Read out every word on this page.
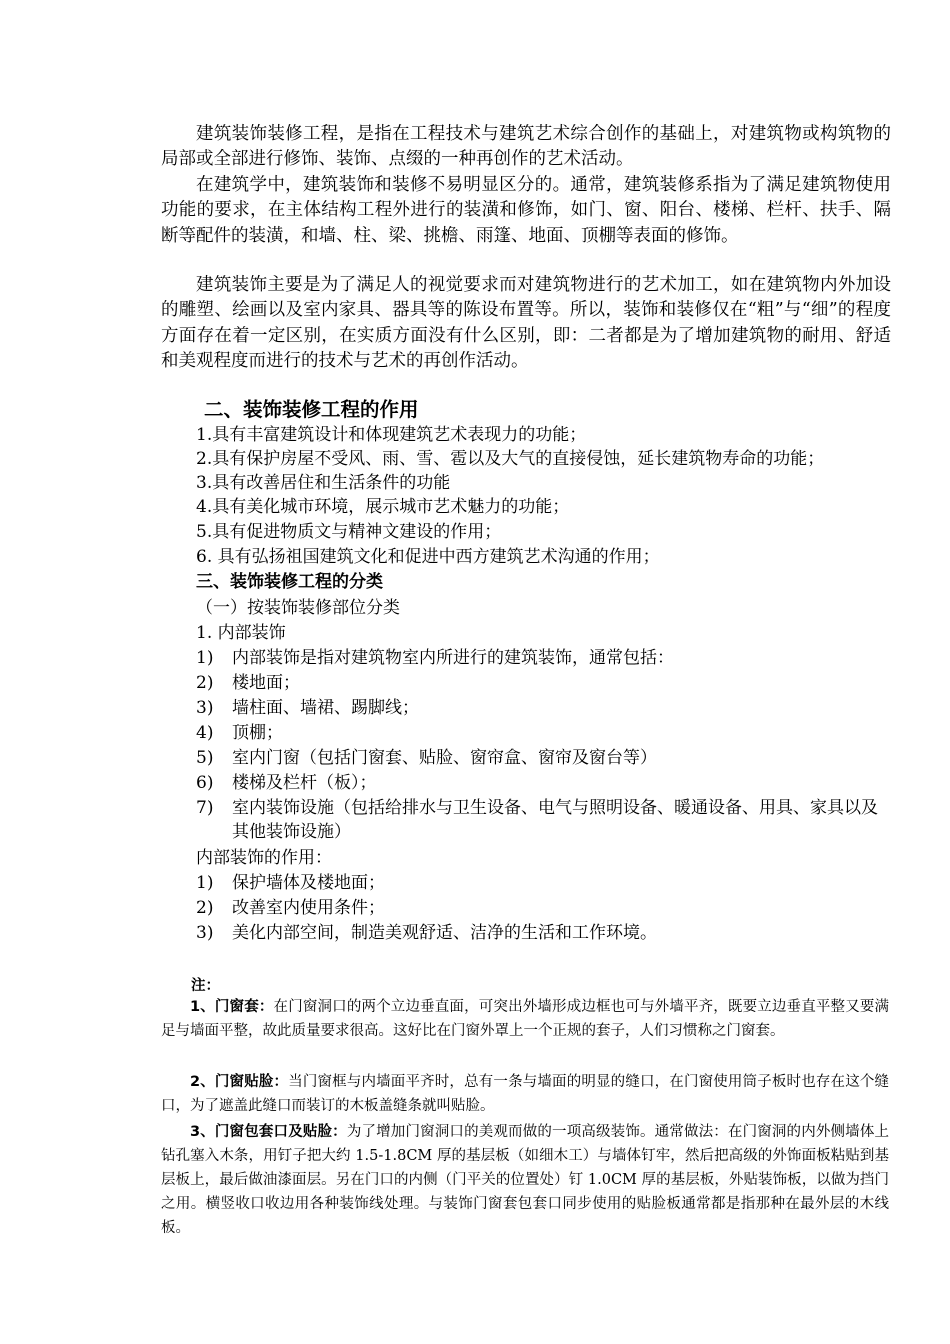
建筑装饰装修工程，是指在工程技术与建筑艺术综合创作的基础上，对建筑物或构筑物的局部或全部进行修饰、装饰、点缀的一种再创作的艺术活动。

在建筑学中，建筑装饰和装修不易明显区分的。通常，建筑装修系指为了满足建筑物使用功能的要求，在主体结构工程外进行的装潢和修饰，如门、窗、阳台、楼梯、栏杆、扶手、隔断等配件的装潢，和墙、柱、梁、挑檐、雨篷、地面、顶棚等表面的修饰。

建筑装饰主要是为了满足人的视觉要求而对建筑物进行的艺术加工，如在建筑物内外加设的雕塑、绘画以及室内家具、器具等的陈设布置等。所以，装饰和装修仅在“粗”与“细”的程度方面存在着一定区别，在实质方面没有什么区别，即：二者都是为了增加建筑物的耐用、舒适和美观程度而进行的技术与艺术的再创作活动。

二、装饰装修工程的作用

1.具有丰富建筑设计和体现建筑艺术表现力的功能；

2.具有保护房屋不受风、雨、雪、雹以及大气的直接侵蚀，延长建筑物寿命的功能；

3.具有改善居住和生活条件的功能

4.具有美化城市环境，展示城市艺术魅力的功能；

5.具有促进物质文与精神文建设的作用；

6. 具有弘扬祖国建筑文化和促进中西方建筑艺术沟通的作用；

三、装饰装修工程的分类

（一）按装饰装修部位分类

1. 内部装饰

1) 内部装饰是指对建筑物室内所进行的建筑装饰，通常包括：
2) 楼地面；
3) 墙柱面、墙裙、踢脚线；
4) 顶棚；
5) 室内门窗（包括门窗套、贴脸、窗帘盒、窗帘及窗台等）
6) 楼梯及栏杆（板）；
7) 室内装饰设施（包括给排水与卫生设备、电气与照明设备、暖通设备、用具、家具以及其他装饰设施）

内部装饰的作用：

1) 保护墙体及楼地面；
2) 改善室内使用条件；
3) 美化内部空间，制造美观舒适、洁净的生活和工作环境。
注：

1、门窗套：在门窗洞口的两个立边垂直面，可突出外墙形成边框也可与外墙平齐，既要立边垂直平整又要满足与墙面平整，故此质量要求很高。这好比在门窗外罩上一个正规的套子，人们习惯称之门窗套。

2、门窗贴脸：当门窗框与内墙面平齐时，总有一条与墙面的明显的缝口，在门窗使用筒子板时也存在这个缝口，为了遮盖此缝口而装订的木板盖缝条就叫贴脸。

3、门窗包套口及贴脸：为了增加门窗洞口的美观而做的一项高级装饰。通常做法：在门窗洞的内外侧墙体上钻孔塞入木条，用钉子把大约 1.5-1.8CM 厚的基层板（如细木工）与墙体钉牢，然后把高级的外饰面板粘贴到基层板上，最后做油漆面层。另在门口的内侧（门平关的位置处）钉 1.0CM 厚的基层板，外贴装饰板，以做为挡门之用。横竖收口收边用各种装饰线处理。与装饰门窗套包套口同步使用的贴脸板通常都是指那种在最外层的木线板。
